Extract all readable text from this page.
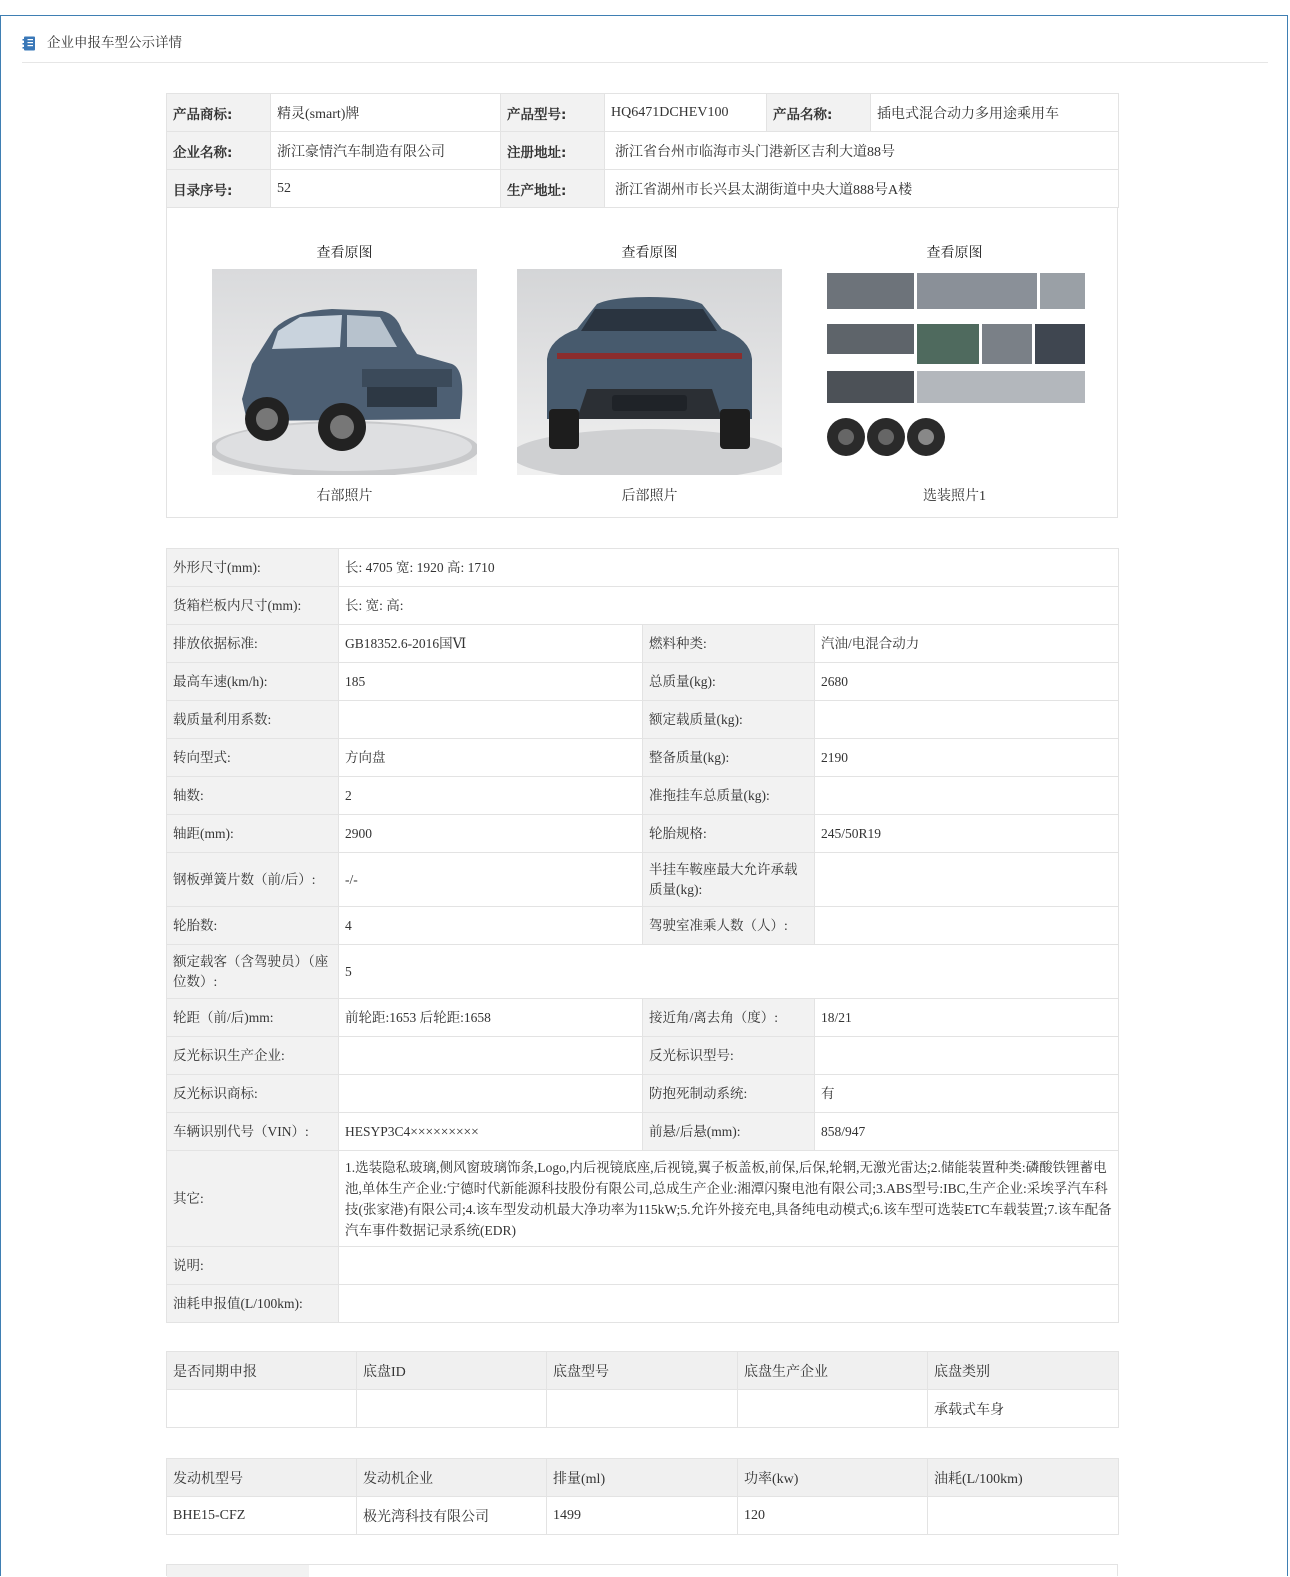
企业申报车型公示详情
产品商标:	精灵(smart)牌	产品型号:	HQ6471DCHEV100	产品名称:	插电式混合动力多用途乘用车
企业名称:	浙江豪情汽车制造有限公司	注册地址:	浙江省台州市临海市头门港新区吉利大道88号		
目录序号:	52	生产地址:	浙江省湖州市长兴县太湖街道中央大道888号A楼		
查看原图
右部照片
查看原图
后部照片
查看原图
选装照片1
外形尺寸(mm):	长: 4705 宽: 1920 高: 1710		
货箱栏板内尺寸(mm):	长: 宽: 高:		
排放依据标准:	GB18352.6-2016国Ⅵ	燃料种类:	汽油/电混合动力
最高车速(km/h):	185	总质量(kg):	2680
载质量利用系数:		额定载质量(kg):	
转向型式:	方向盘	整备质量(kg):	2190
轴数:	2	准拖挂车总质量(kg):	
轴距(mm):	2900	轮胎规格:	245/50R19
钢板弹簧片数（前/后）:	-/-	半挂车鞍座最大允许承载质量(kg):	
轮胎数:	4	驾驶室准乘人数（人）:	
额定载客（含驾驶员）（座位数）:	5		
轮距（前/后)mm:	前轮距:1653 后轮距:1658	接近角/离去角（度）:	18/21
反光标识生产企业:		反光标识型号:	
反光标识商标:		防抱死制动系统:	有
车辆识别代号（VIN）:	HESYP3C4×××××××××	前悬/后悬(mm):	858/947
其它:	1.选装隐私玻璃,侧风窗玻璃饰条,Logo,内后视镜底座,后视镜,翼子板盖板,前保,后保,轮辋,无激光雷达;2.储能装置种类:磷酸铁锂蓄电池,单体生产企业:宁德时代新能源科技股份有限公司,总成生产企业:湘潭闪聚电池有限公司;3.ABS型号:IBC,生产企业:采埃孚汽车科技(张家港)有限公司;4.该车型发动机最大净功率为115kW;5.允许外接充电,具备纯电动模式;6.该车型可选装ETC车载装置;7.该车配备汽车事件数据记录系统(EDR)		
说明:			
油耗申报值(L/100km):			
是否同期申报	底盘ID	底盘型号	底盘生产企业	底盘类别
				承载式车身
发动机型号	发动机企业	排量(ml)	功率(kw)	油耗(L/100km)
BHE15-CFZ	极光湾科技有限公司	1499	120	
